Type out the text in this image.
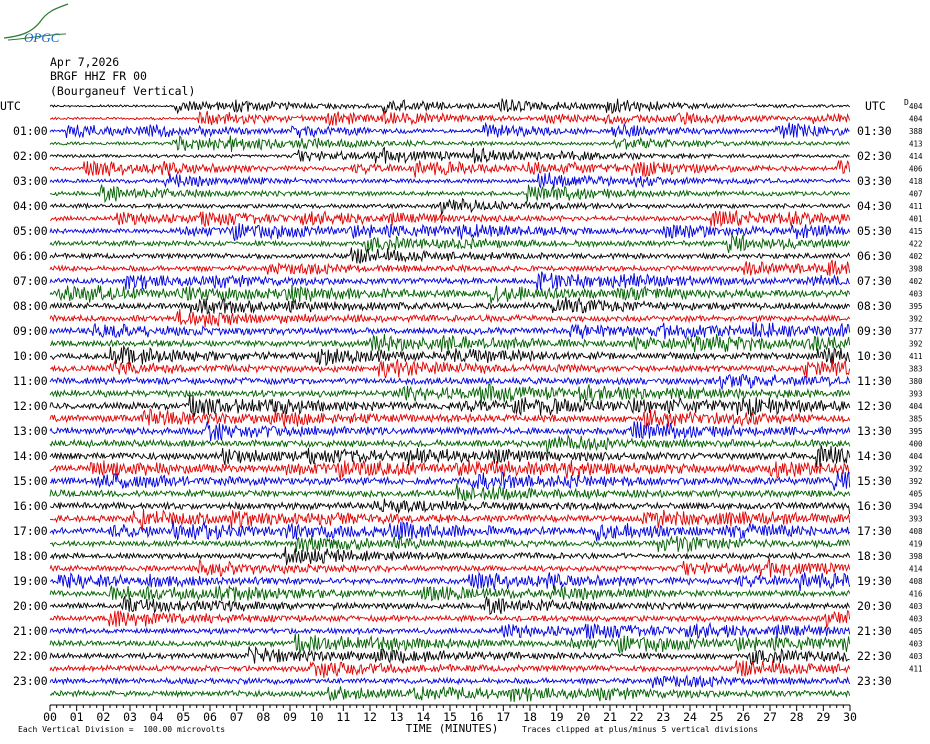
OPGC
Apr 7,2026
BRGF HHZ FR 00
(Bourganeuf Vertical)
UTC	UTC D
01:00
02:00
03:00
04:00
05:00
06:00
07:00
08:00
09:00
10:00
11:00
12:00
13:00
14:00
15:00
16:00
17:00
18:00
19:00
20:00
21:00
22:00
23:00
01:30
02:30
03:30
04:30
05:30
06:30
07:30
08:30
09:30
10:30
11:30
12:30
13:30
14:30
15:30
16:30
17:30
18:30
19:30
20:30
21:30
22:30
23:30
404
404
388
413
414
406
418
407
411
401
415
422
402
398
402
403
395
392
377
392
411
383
380
393
404
385
395
400
404
392
392
405
394
393
408
419
398
414
408
416
403
403
405
403
403
411
00 01 02 03 04 05 06 07 08 09 10 11 12 13 14 15 16 17 18 19 20 21 22 23 24 25 26 27 28 29 30
TIME (MINUTES)
Each Vertical Division =  100.00 microvolts	Traces clipped at plus/minus 5 vertical divisions
